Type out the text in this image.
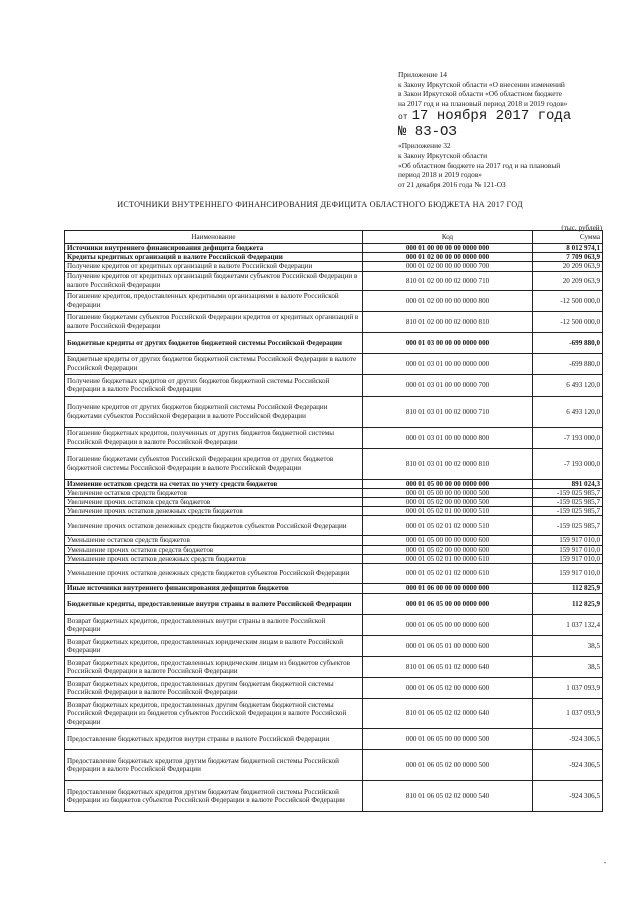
Приложение 14
к Закону Иркутской области «О внесении изменений
в Закон Иркутской области «Об областном бюджете
на 2017 год и на плановый период 2018 и 2019 годов»
от 17 ноября 2017 года
№ 83-ОЗ
«Приложение 32
к Закону Иркутской области
«Об областном бюджете на 2017 год и на плановый
период 2018 и 2019 годов»
от 21 декабря 2016 года № 121-ОЗ
ИСТОЧНИКИ ВНУТРЕННЕГО ФИНАНСИРОВАНИЯ ДЕФИЦИТА ОБЛАСТНОГО БЮДЖЕТА НА 2017 ГОД
(тыс. рублей)
Наименование	Код	Сумма
Источники внутреннего финансирования дефицита бюджета	000 01 00 00 00 00 0000 000	8 012 974,1
Кредиты кредитных организаций в валюте Российской Федерации	000 01 02 00 00 00 0000 000	7 709 063,9
Получение кредитов от кредитных организаций в валюте Российской Федерации	000 01 02 00 00 00 0000 700	20 209 063,9
Получение кредитов от кредитных организаций бюджетами субъектов Российской Федерации в валюте Российской Федерации	810 01 02 00 00 02 0000 710	20 209 063,9
Погашение кредитов, предоставленных кредитными организациями в валюте Российской Федерации	000 01 02 00 00 00 0000 800	-12 500 000,0
Погашение бюджетами субъектов Российской Федерации кредитов от кредитных организаций в валюте Российской Федерации	810 01 02 00 00 02 0000 810	-12 500 000,0
Бюджетные кредиты от других бюджетов бюджетной системы Российской Федерации	000 01 03 00 00 00 0000 000	-699 880,0
Бюджетные кредиты от других бюджетов бюджетной системы Российской Федерации в валюте Российской Федерации	000 01 03 01 00 00 0000 000	-699 880,0
Получение бюджетных кредитов от других бюджетов бюджетной системы Российской Федерации в валюте Российской Федерации	000 01 03 01 00 00 0000 700	6 493 120,0
Получение кредитов от других бюджетов бюджетной системы Российской Федерации бюджетами субъектов Российской Федерации в валюте Российской Федерации	810 01 03 01 00 02 0000 710	6 493 120,0
Погашение бюджетных кредитов, полученных от других бюджетов бюджетной системы Российской Федерации в валюте Российской Федерации	000 01 03 01 00 00 0000 800	-7 193 000,0
Погашение бюджетами субъектов Российской Федерации кредитов от других бюджетов бюджетной системы Российской Федерации в валюте Российской Федерации	810 01 03 01 00 02 0000 810	-7 193 000,0
Изменение остатков средств на счетах по учету средств бюджетов	000 01 05 00 00 00 0000 000	891 024,3
Увеличение остатков средств бюджетов	000 01 05 00 00 00 0000 500	-159 025 985,7
Увеличение прочих остатков средств бюджетов	000 01 05 02 00 00 0000 500	-159 025 985,7
Увеличение прочих остатков денежных средств бюджетов	000 01 05 02 01 00 0000 510	-159 025 985,7
Увеличение прочих остатков денежных средств бюджетов субъектов Российской Федерации	000 01 05 02 01 02 0000 510	-159 025 985,7
Уменьшение остатков средств бюджетов	000 01 05 00 00 00 0000 600	159 917 010,0
Уменьшение прочих остатков средств бюджетов	000 01 05 02 00 00 0000 600	159 917 010,0
Уменьшение прочих остатков денежных средств бюджетов	000 01 05 02 01 00 0000 610	159 917 010,0
Уменьшение прочих остатков денежных средств бюджетов субъектов Российской Федерации	000 01 05 02 01 02 0000 610	159 917 010,0
Иные источники внутреннего финансирования дефицитов бюджетов	000 01 06 00 00 00 0000 000	112 825,9
Бюджетные кредиты, предоставленные внутри страны в валюте Российской Федерации	000 01 06 05 00 00 0000 000	112 825,9
Возврат бюджетных кредитов, предоставленных внутри страны в валюте Российской Федерации	000 01 06 05 00 00 0000 600	1 037 132,4
Возврат бюджетных кредитов, предоставленных юридическим лицам в валюте Российской Федерации	000 01 06 05 01 00 0000 600	38,5
Возврат бюджетных кредитов, предоставленных юридическим лицам из бюджетов субъектов Российской Федерации в валюте Российской Федерации	810 01 06 05 01 02 0000 640	38,5
Возврат бюджетных кредитов, предоставленных другим бюджетам бюджетной системы Российской Федерации в валюте Российской Федерации	000 01 06 05 02 00 0000 600	1 037 093,9
Возврат бюджетных кредитов, предоставленных другим бюджетам бюджетной системы Российской Федерации из бюджетов субъектов Российской Федерации в валюте Российской Федерации	810 01 06 05 02 02 0000 640	1 037 093,9
Предоставление бюджетных кредитов внутри страны в валюте Российской Федерации	000 01 06 05 00 00 0000 500	-924 306,5
Предоставление бюджетных кредитов другим бюджетам бюджетной системы Российской Федерации в валюте Российской Федерации	000 01 06 05 02 00 0000 500	-924 306,5
Предоставление бюджетных кредитов другим бюджетам бюджетной системы Российской Федерации из бюджетов субъектов Российской Федерации в валюте Российской Федерации	810 01 06 05 02 02 0000 540	-924 306,5
"
